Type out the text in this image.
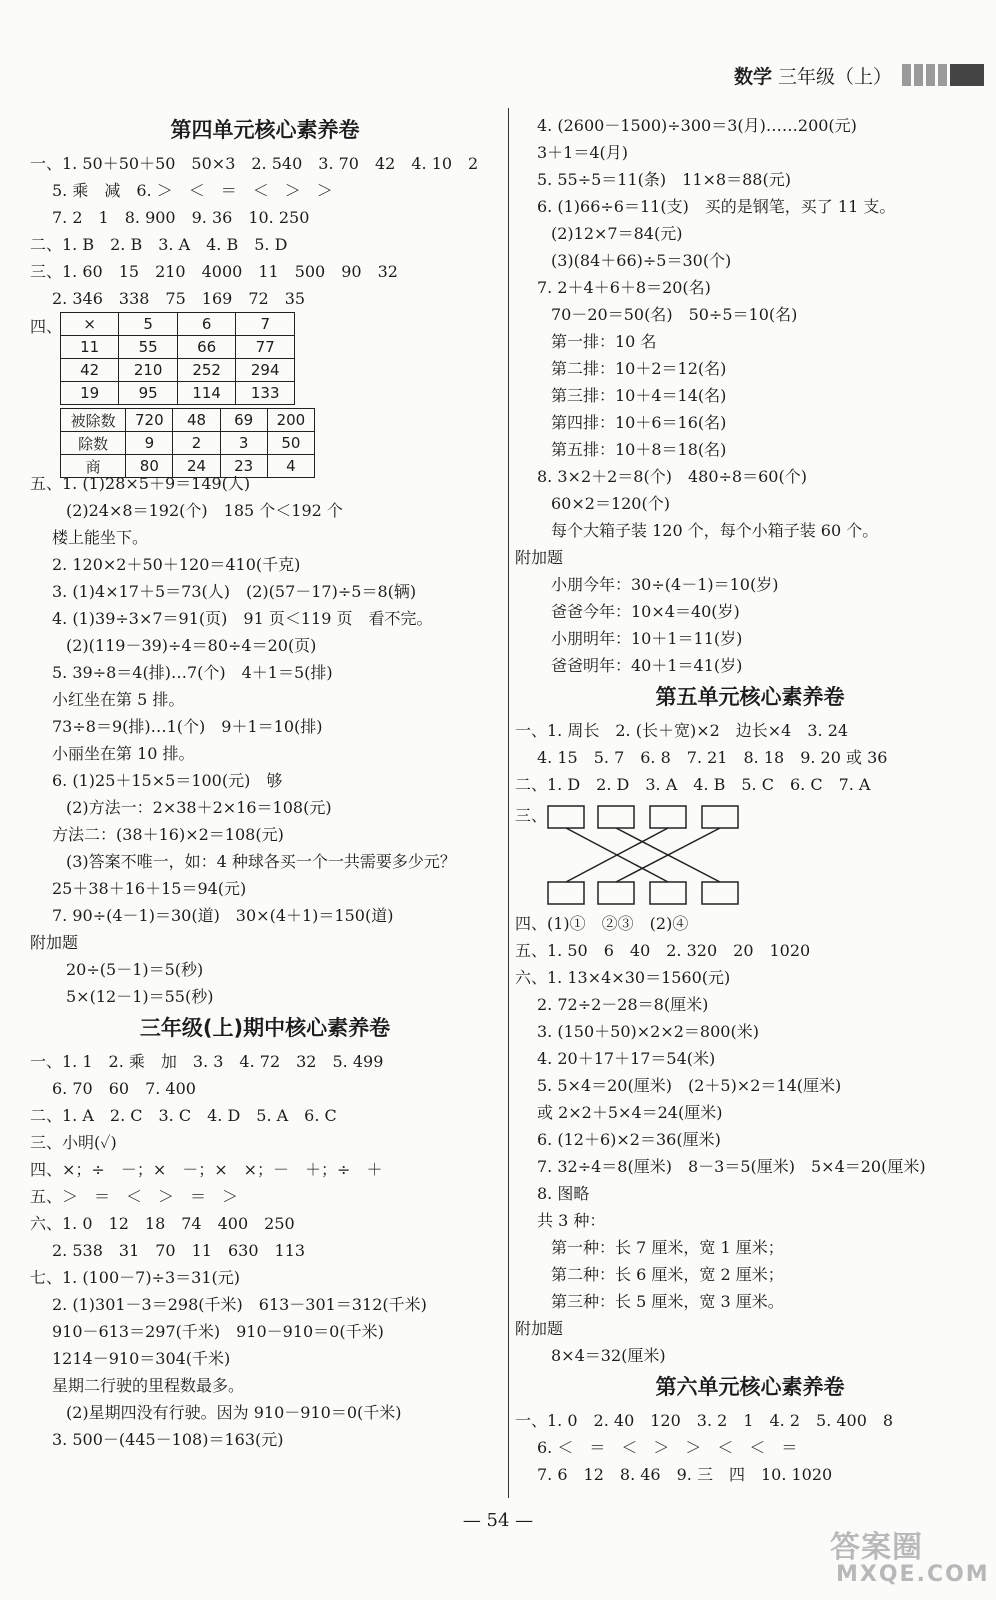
数学 三年级（上）
第四单元核心素养卷
一、1. 50＋50＋50　50×3　2. 540　3. 70　42　4. 10　2
5. 乘　减　6. ＞　＜　＝　＜　＞　＞
7. 2　1　8. 900　9. 36　10. 250
二、1. B　2. B　3. A　4. B　5. D
三、1. 60　15　210　4000　11　500　90　32
2. 346　338　75　169　72　35
四、 ×	5	6	7
11	55	66	77
42	210	252	294
19	95	114	133
被除数	720	48	69	200
除数	9	2	3	50
商	80	24	23	4
五、1. (1)28×5＋9＝149(人)
(2)24×8＝192(个)　185 个＜192 个
楼上能坐下。
2. 120×2＋50＋120＝410(千克)
3. (1)4×17＋5＝73(人)　(2)(57－17)÷5＝8(辆)
4. (1)39÷3×7＝91(页)　91 页＜119 页　看不完。
(2)(119－39)÷4＝80÷4＝20(页)
5. 39÷8＝4(排)…7(个)　4＋1＝5(排)
小红坐在第 5 排。
73÷8＝9(排)…1(个)　9＋1＝10(排)
小丽坐在第 10 排。
6. (1)25＋15×5＝100(元)　够
(2)方法一：2×38＋2×16＝108(元)
方法二：(38＋16)×2＝108(元)
(3)答案不唯一，如：4 种球各买一个一共需要多少元？
25＋38＋16＋15＝94(元)
7. 90÷(4－1)＝30(道)　30×(4＋1)＝150(道)
附加题
20÷(5－1)＝5(秒)
5×(12－1)＝55(秒)
三年级(上)期中核心素养卷
一、1. 1　2. 乘　加　3. 3　4. 72　32　5. 499
6. 70　60　7. 400
二、1. A　2. C　3. C　4. D　5. A　6. C
三、小明(✓)
四、×；÷　－；×　－；×　×；－　＋；÷　＋
五、＞　＝　＜　＞　＝　＞
六、1. 0　12　18　74　400　250
2. 538　31　70　11　630　113
七、1. (100－7)÷3＝31(元)
2. (1)301－3＝298(千米)　613－301＝312(千米)
910－613＝297(千米)　910－910＝0(千米)
1214－910＝304(千米)
星期二行驶的里程数最多。
(2)星期四没有行驶。因为 910－910＝0(千米)
3. 500－(445－108)＝163(元)
4. (2600－1500)÷300＝3(月)……200(元)
3＋1＝4(月)
5. 55÷5＝11(条)　11×8＝88(元)
6. (1)66÷6＝11(支)　买的是钢笔，买了 11 支。
(2)12×7＝84(元)
(3)(84＋66)÷5＝30(个)
7. 2＋4＋6＋8＝20(名)
70－20＝50(名)　50÷5＝10(名)
第一排：10 名
第二排：10＋2＝12(名)
第三排：10＋4＝14(名)
第四排：10＋6＝16(名)
第五排：10＋8＝18(名)
8. 3×2＋2＝8(个)　480÷8＝60(个)
60×2＝120(个)
每个大箱子装 120 个，每个小箱子装 60 个。
附加题
小朋今年：30÷(4－1)＝10(岁)
爸爸今年：10×4＝40(岁)
小朋明年：10＋1＝11(岁)
爸爸明年：40＋1＝41(岁)
第五单元核心素养卷
一、1. 周长　2. (长＋宽)×2　边长×4　3. 24
4. 15　5. 7　6. 8　7. 21　8. 18　9. 20 或 36
二、1. D　2. D　3. A　4. B　5. C　6. C　7. A
三、
四、(1)①　②③　(2)④
五、1. 50　6　40　2. 320　20　1020
六、1. 13×4×30＝1560(元)
2. 72÷2－28＝8(厘米)
3. (150＋50)×2×2＝800(米)
4. 20＋17＋17＝54(米)
5. 5×4＝20(厘米)　(2＋5)×2＝14(厘米)
或 2×2＋5×4＝24(厘米)
6. (12＋6)×2＝36(厘米)
7. 32÷4＝8(厘米)　8－3＝5(厘米)　5×4＝20(厘米)
8. 图略
共 3 种：
第一种：长 7 厘米，宽 1 厘米；
第二种：长 6 厘米，宽 2 厘米；
第三种：长 5 厘米，宽 3 厘米。
附加题
8×4＝32(厘米)
第六单元核心素养卷
一、1. 0　2. 40　120　3. 2　1　4. 2　5. 400　8
6. ＜　＝　＜　＞　＞　＜　＜　＝
7. 6　12　8. 46　9. 三　四　10. 1020
— 54 —
答案圈
MXQE.COM
